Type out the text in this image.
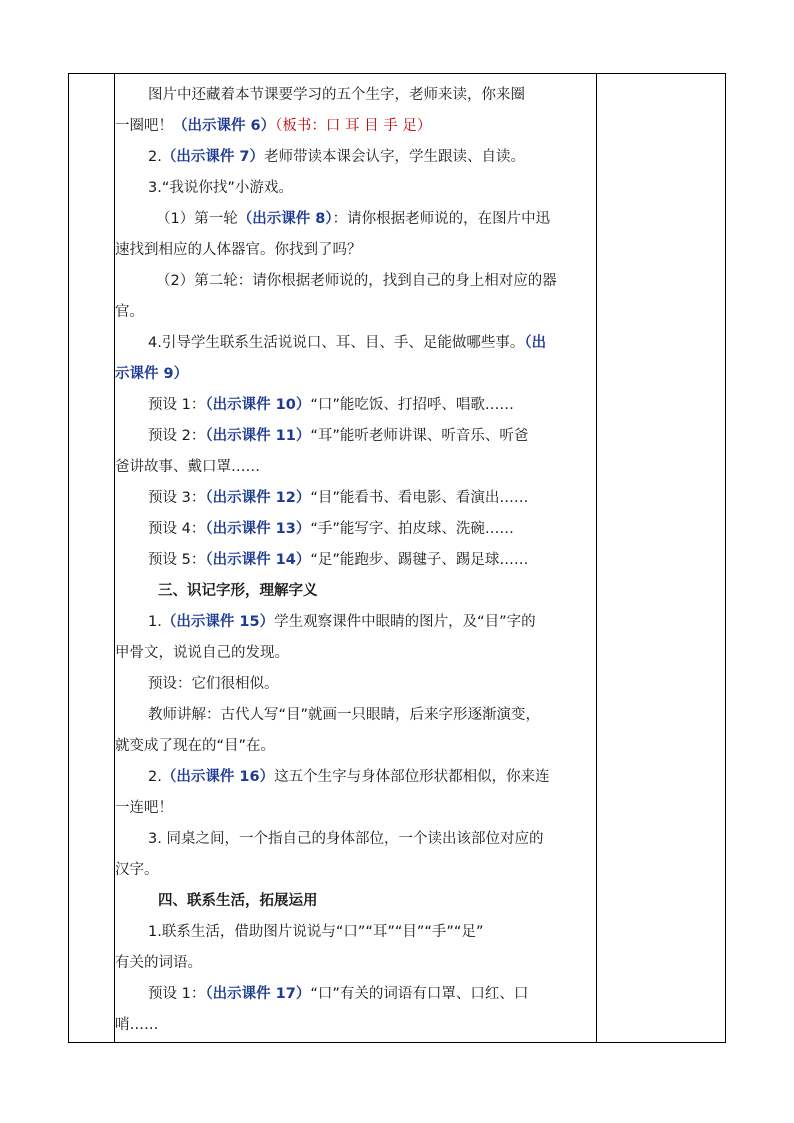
图片中还藏着本节课要学习的五个生字，老师来读，你来圈
一圈吧！（出示课件 6）（板书：口 耳 目 手 足）
2.（出示课件 7）老师带读本课会认字，学生跟读、自读。
3.“我说你找”小游戏。
（1）第一轮（出示课件 8）：请你根据老师说的，在图片中迅
速找到相应的人体器官。你找到了吗？
（2）第二轮：请你根据老师说的，找到自己的身上相对应的器
官。
4.引导学生联系生活说说口、耳、目、手、足能做哪些事。（出
示课件 9）
预设 1：（出示课件 10）“口”能吃饭、打招呼、唱歌……
预设 2：（出示课件 11）“耳”能听老师讲课、听音乐、听爸
爸讲故事、戴口罩……
预设 3：（出示课件 12）“目”能看书、看电影、看演出……
预设 4：（出示课件 13）“手”能写字、拍皮球、洗碗……
预设 5：（出示课件 14）“足”能跑步、踢毽子、踢足球……
三、识记字形，理解字义
1.（出示课件 15）学生观察课件中眼睛的图片，及“目”字的
甲骨文，说说自己的发现。
预设：它们很相似。
教师讲解：古代人写“目”就画一只眼睛，后来字形逐渐演变，
就变成了现在的“目”在。
2.（出示课件 16）这五个生字与身体部位形状都相似，你来连
一连吧！
3. 同桌之间，一个指自己的身体部位，一个读出该部位对应的
汉字。
四、联系生活，拓展运用
1.联系生活，借助图片说说与“口”“耳”“目”“手”“足”
有关的词语。
预设 1：（出示课件 17）“口”有关的词语有口罩、口红、口
哨……
